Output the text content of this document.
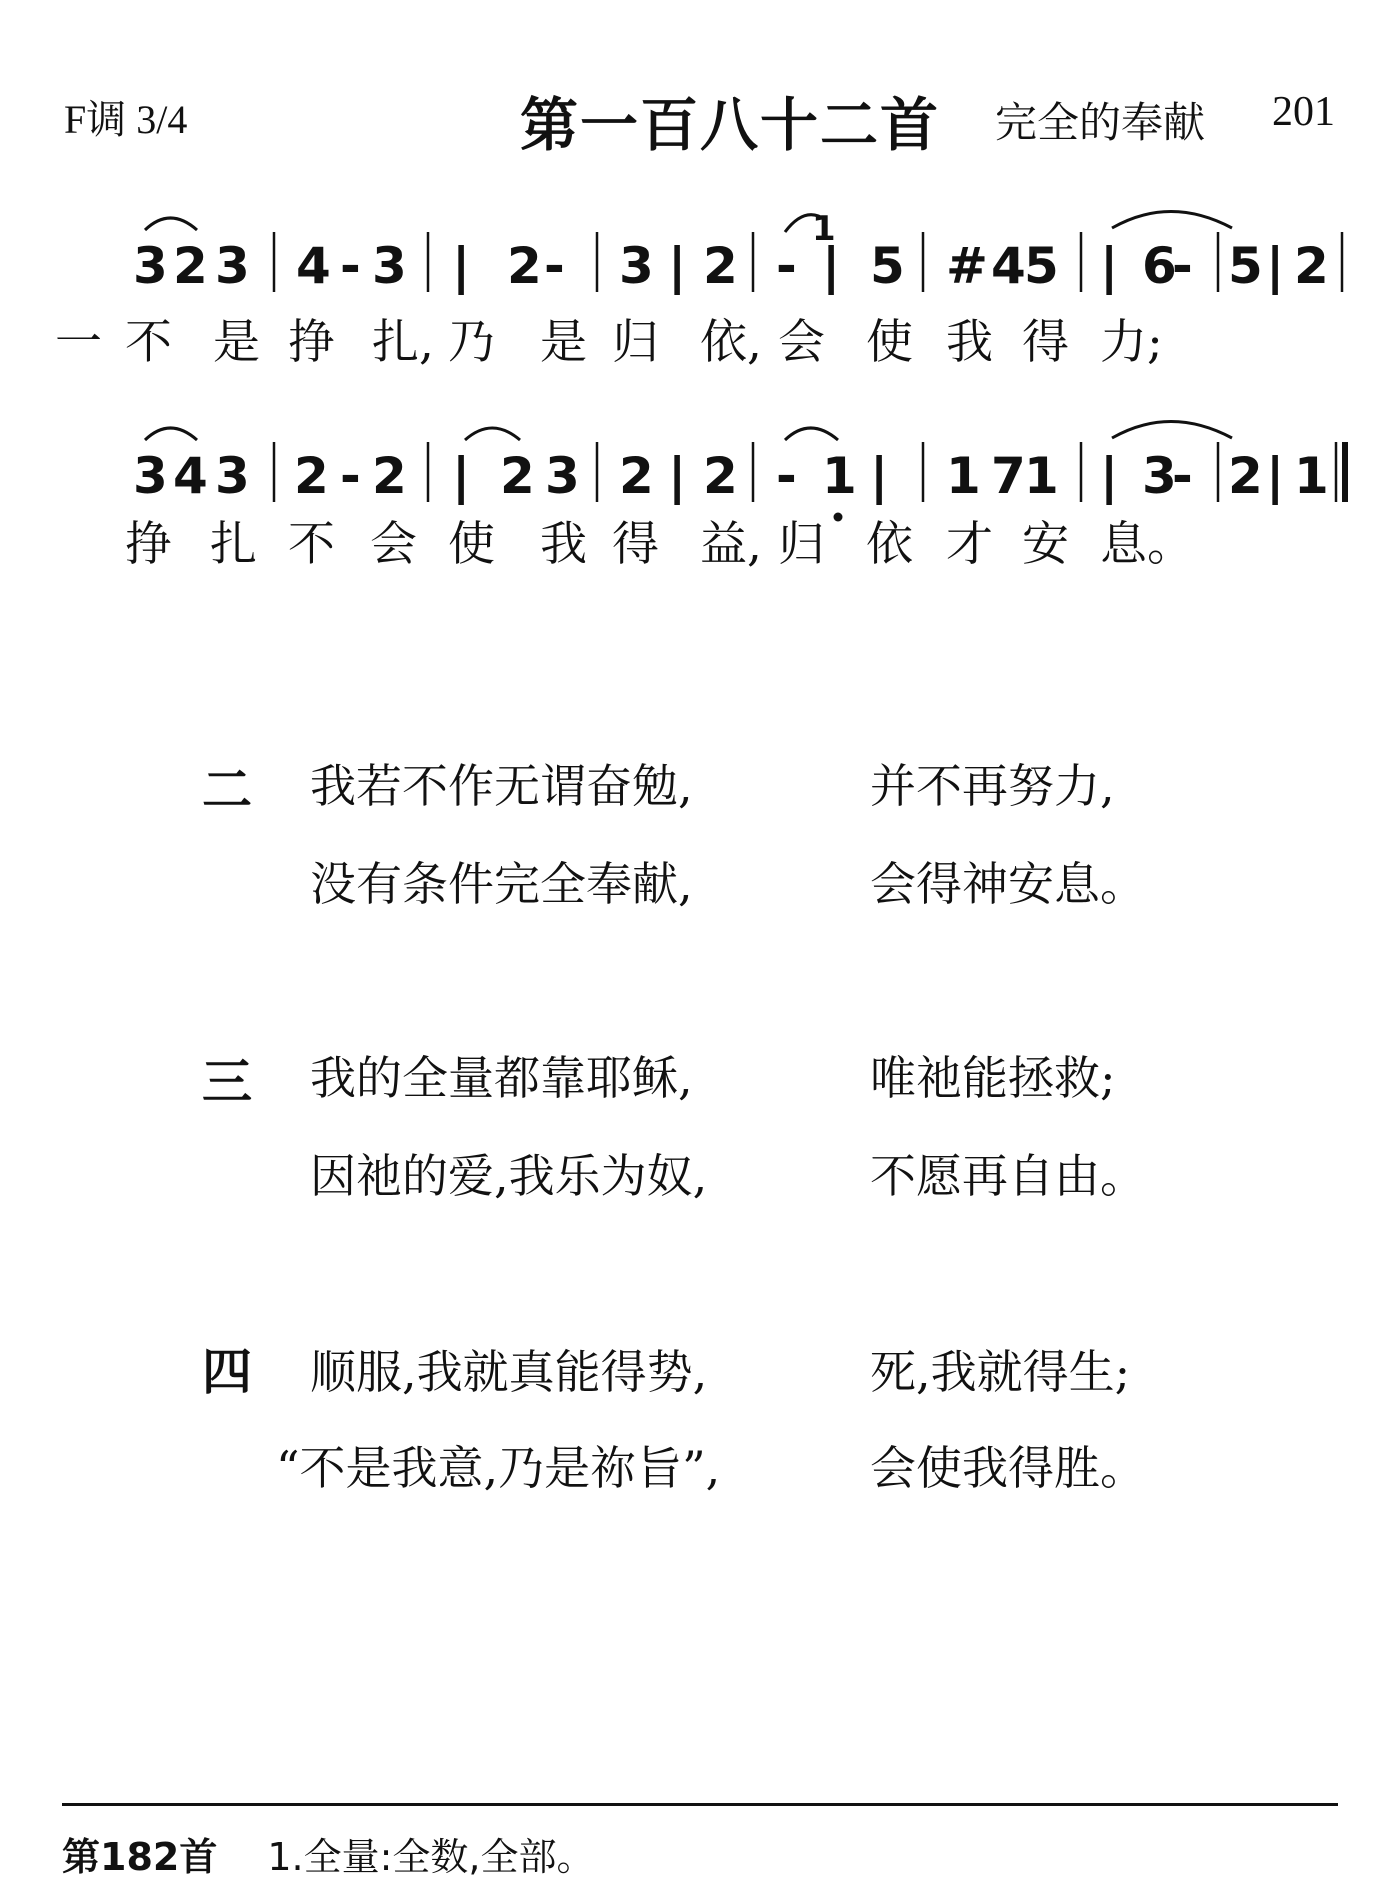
F调 3/4	第一百八十二首 完全的奉献 201
3 2 3 4 - 3 | 2 - 3 | 2 -
1
| 5 # 4
5 | 6
- 5 | 2
一 不 是 挣 扎, 乃 是 归 依, 会 使 我 得 力;
3 4 3 2 - 2 | 2 3 2 | 2 - 1 | 1 7
1 | 3
- 2 | 1
挣 扎 不 会 使 我 得 益, 归 依 才 安 息。
二 我若不作无谓奋勉,	并不再努力,
没有条件完全奉献,	会得神安息。
三 我的全量都靠耶稣,	唯祂能拯救;
因祂的爱,我乐为奴,	不愿再自由。
四 顺服,我就真能得势,	死,我就得生;
“不是我意,乃是祢旨”,	会使我得胜。
第182首 1.全量:全数,全部。
